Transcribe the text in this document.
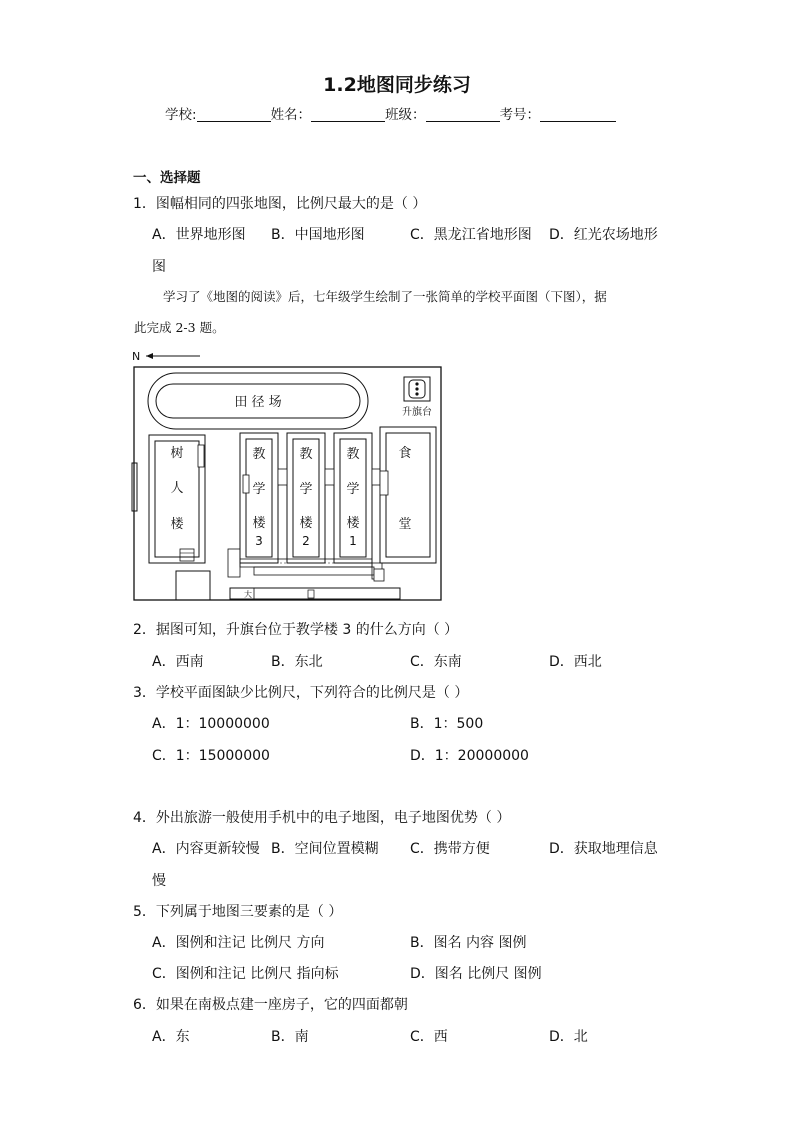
1.2地图同步练习
学校:	姓名：	班级：	考号：
一、选择题
1．图幅相同的四张地图，比例尺最大的是（ ）
A．世界地形图 B．中国地形图	C．黑龙江省地形图 D．红光农场地形
图
学习了《地图的阅读》后，七年级学生绘制了一张简单的学校平面图（下图），据
此完成 2-3 题。
N
田 径 场
升旗台
树
人
楼
教
学
楼
3
教
学
楼
2
教
学
楼
1
食
堂
大
2．据图可知，升旗台位于教学楼 3 的什么方向（ ）
A．西南	B．东北	C．东南	D．西北
3．学校平面图缺少比例尺，下列符合的比例尺是（ ）
A．1：10000000	B．1：500
C．1：15000000	D．1：20000000
4．外出旅游一般使用手机中的电子地图，电子地图优势（ ）
A．内容更新较慢 B．空间位置模糊 C．携带方便	D．获取地理信息
慢
5．下列属于地图三要素的是（ ）
A．图例和注记 比例尺 方向	B．图名 内容 图例
C．图例和注记 比例尺 指向标	D．图名 比例尺 图例
6．如果在南极点建一座房子，它的四面都朝
A．东	B．南	C．西	D．北
